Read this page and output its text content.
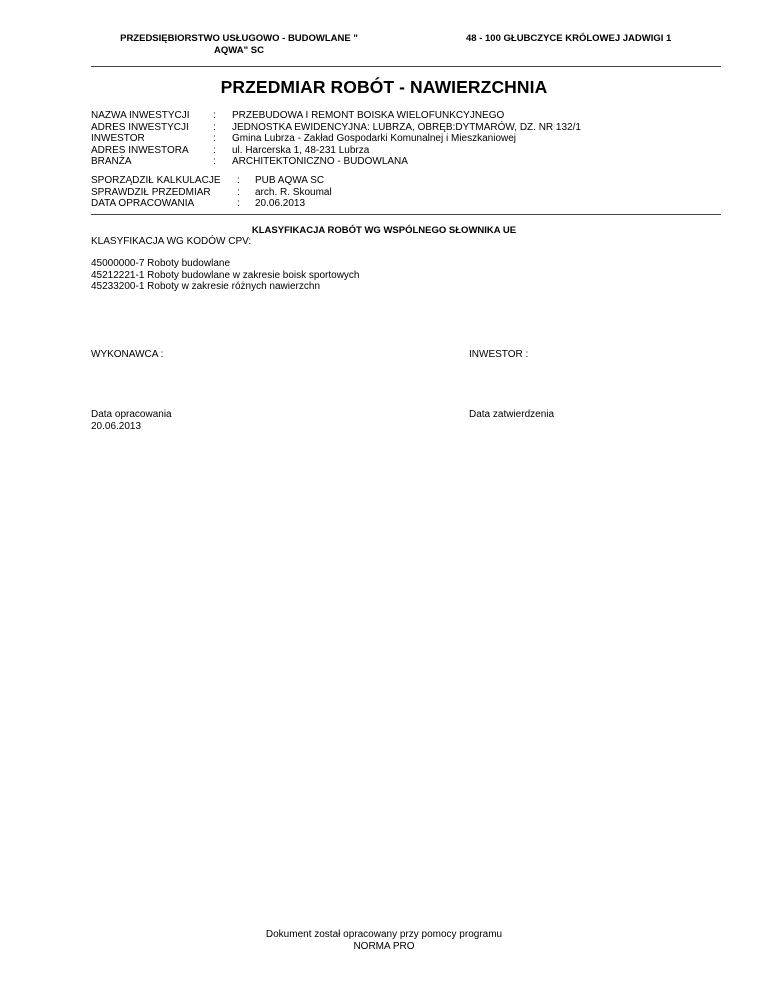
PRZEDSIĘBIORSTWO USŁUGOWO - BUDOWLANE "
AQWA" SC
48 - 100 GŁUBCZYCE KRÓLOWEJ JADWIGI 1
PRZEDMIAR ROBÓT - NAWIERZCHNIA
NAZWA INWESTYCJI : PRZEBUDOWA I REMONT BOISKA WIELOFUNKCYJNEGO
ADRES INWESTYCJI : JEDNOSTKA EWIDENCYJNA: LUBRZA, OBRĘB:DYTMARÓW, DZ. NR 132/1
INWESTOR	: Gmina Lubrza - Zakład Gospodarki Komunalnej i Mieszkaniowej
ADRES INWESTORA : ul. Harcerska 1, 48-231 Lubrza
BRANŻA	: ARCHITEKTONICZNO - BUDOWLANA
SPORZĄDZIŁ KALKULACJE : PUB AQWA SC
SPRAWDZIŁ PRZEDMIAR	: arch. R. Skoumal
DATA OPRACOWANIA	: 20.06.2013
KLASYFIKACJA ROBÓT WG WSPÓLNEGO SŁOWNIKA UE
KLASYFIKACJA WG KODÓW CPV:
45000000-7 Roboty budowlane
45212221-1 Roboty budowlane w zakresie boisk sportowych
45233200-1 Roboty w zakresie różnych nawierzchn
WYKONAWCA :	INWESTOR :
Data opracowania
20.06.2013
Data zatwierdzenia
Dokument został opracowany przy pomocy programu
NORMA PRO
